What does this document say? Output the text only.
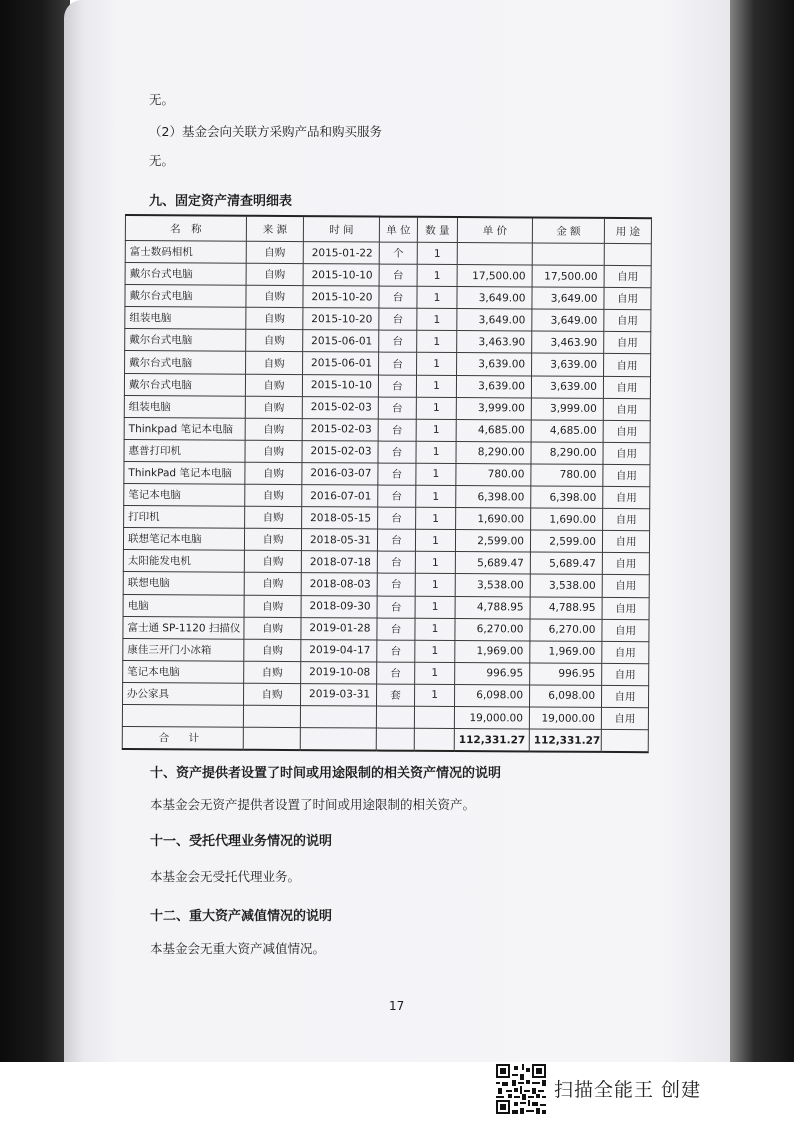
无。
（2）基金会向关联方采购产品和购买服务
无。
九、固定资产清查明细表
名　称	来 源	时 间	单 位	数 量	单 价	金 额	用 途
富士数码相机	自购	2015-01-22	个	1			
戴尔台式电脑	自购	2015-10-10	台	1	17,500.00	17,500.00	自用
戴尔台式电脑	自购	2015-10-20	台	1	3,649.00	3,649.00	自用
组装电脑	自购	2015-10-20	台	1	3,649.00	3,649.00	自用
戴尔台式电脑	自购	2015-06-01	台	1	3,463.90	3,463.90	自用
戴尔台式电脑	自购	2015-06-01	台	1	3,639.00	3,639.00	自用
戴尔台式电脑	自购	2015-10-10	台	1	3,639.00	3,639.00	自用
组装电脑	自购	2015-02-03	台	1	3,999.00	3,999.00	自用
Thinkpad 笔记本电脑	自购	2015-02-03	台	1	4,685.00	4,685.00	自用
惠普打印机	自购	2015-02-03	台	1	8,290.00	8,290.00	自用
ThinkPad 笔记本电脑	自购	2016-03-07	台	1	780.00	780.00	自用
笔记本电脑	自购	2016-07-01	台	1	6,398.00	6,398.00	自用
打印机	自购	2018-05-15	台	1	1,690.00	1,690.00	自用
联想笔记本电脑	自购	2018-05-31	台	1	2,599.00	2,599.00	自用
太阳能发电机	自购	2018-07-18	台	1	5,689.47	5,689.47	自用
联想电脑	自购	2018-08-03	台	1	3,538.00	3,538.00	自用
电脑	自购	2018-09-30	台	1	4,788.95	4,788.95	自用
富士通 SP-1120 扫描仪	自购	2019-01-28	台	1	6,270.00	6,270.00	自用
康佳三开门小冰箱	自购	2019-04-17	台	1	1,969.00	1,969.00	自用
笔记本电脑	自购	2019-10-08	台	1	996.95	996.95	自用
办公家具	自购	2019-03-31	套	1	6,098.00	6,098.00	自用
					19,000.00	19,000.00	自用
合 计					112,331.27	112,331.27	
十、资产提供者设置了时间或用途限制的相关资产情况的说明
本基金会无资产提供者设置了时间或用途限制的相关资产。
十一、受托代理业务情况的说明
本基金会无受托代理业务。
十二、重大资产减值情况的说明
本基金会无重大资产减值情况。
17
扫描全能王 创建
